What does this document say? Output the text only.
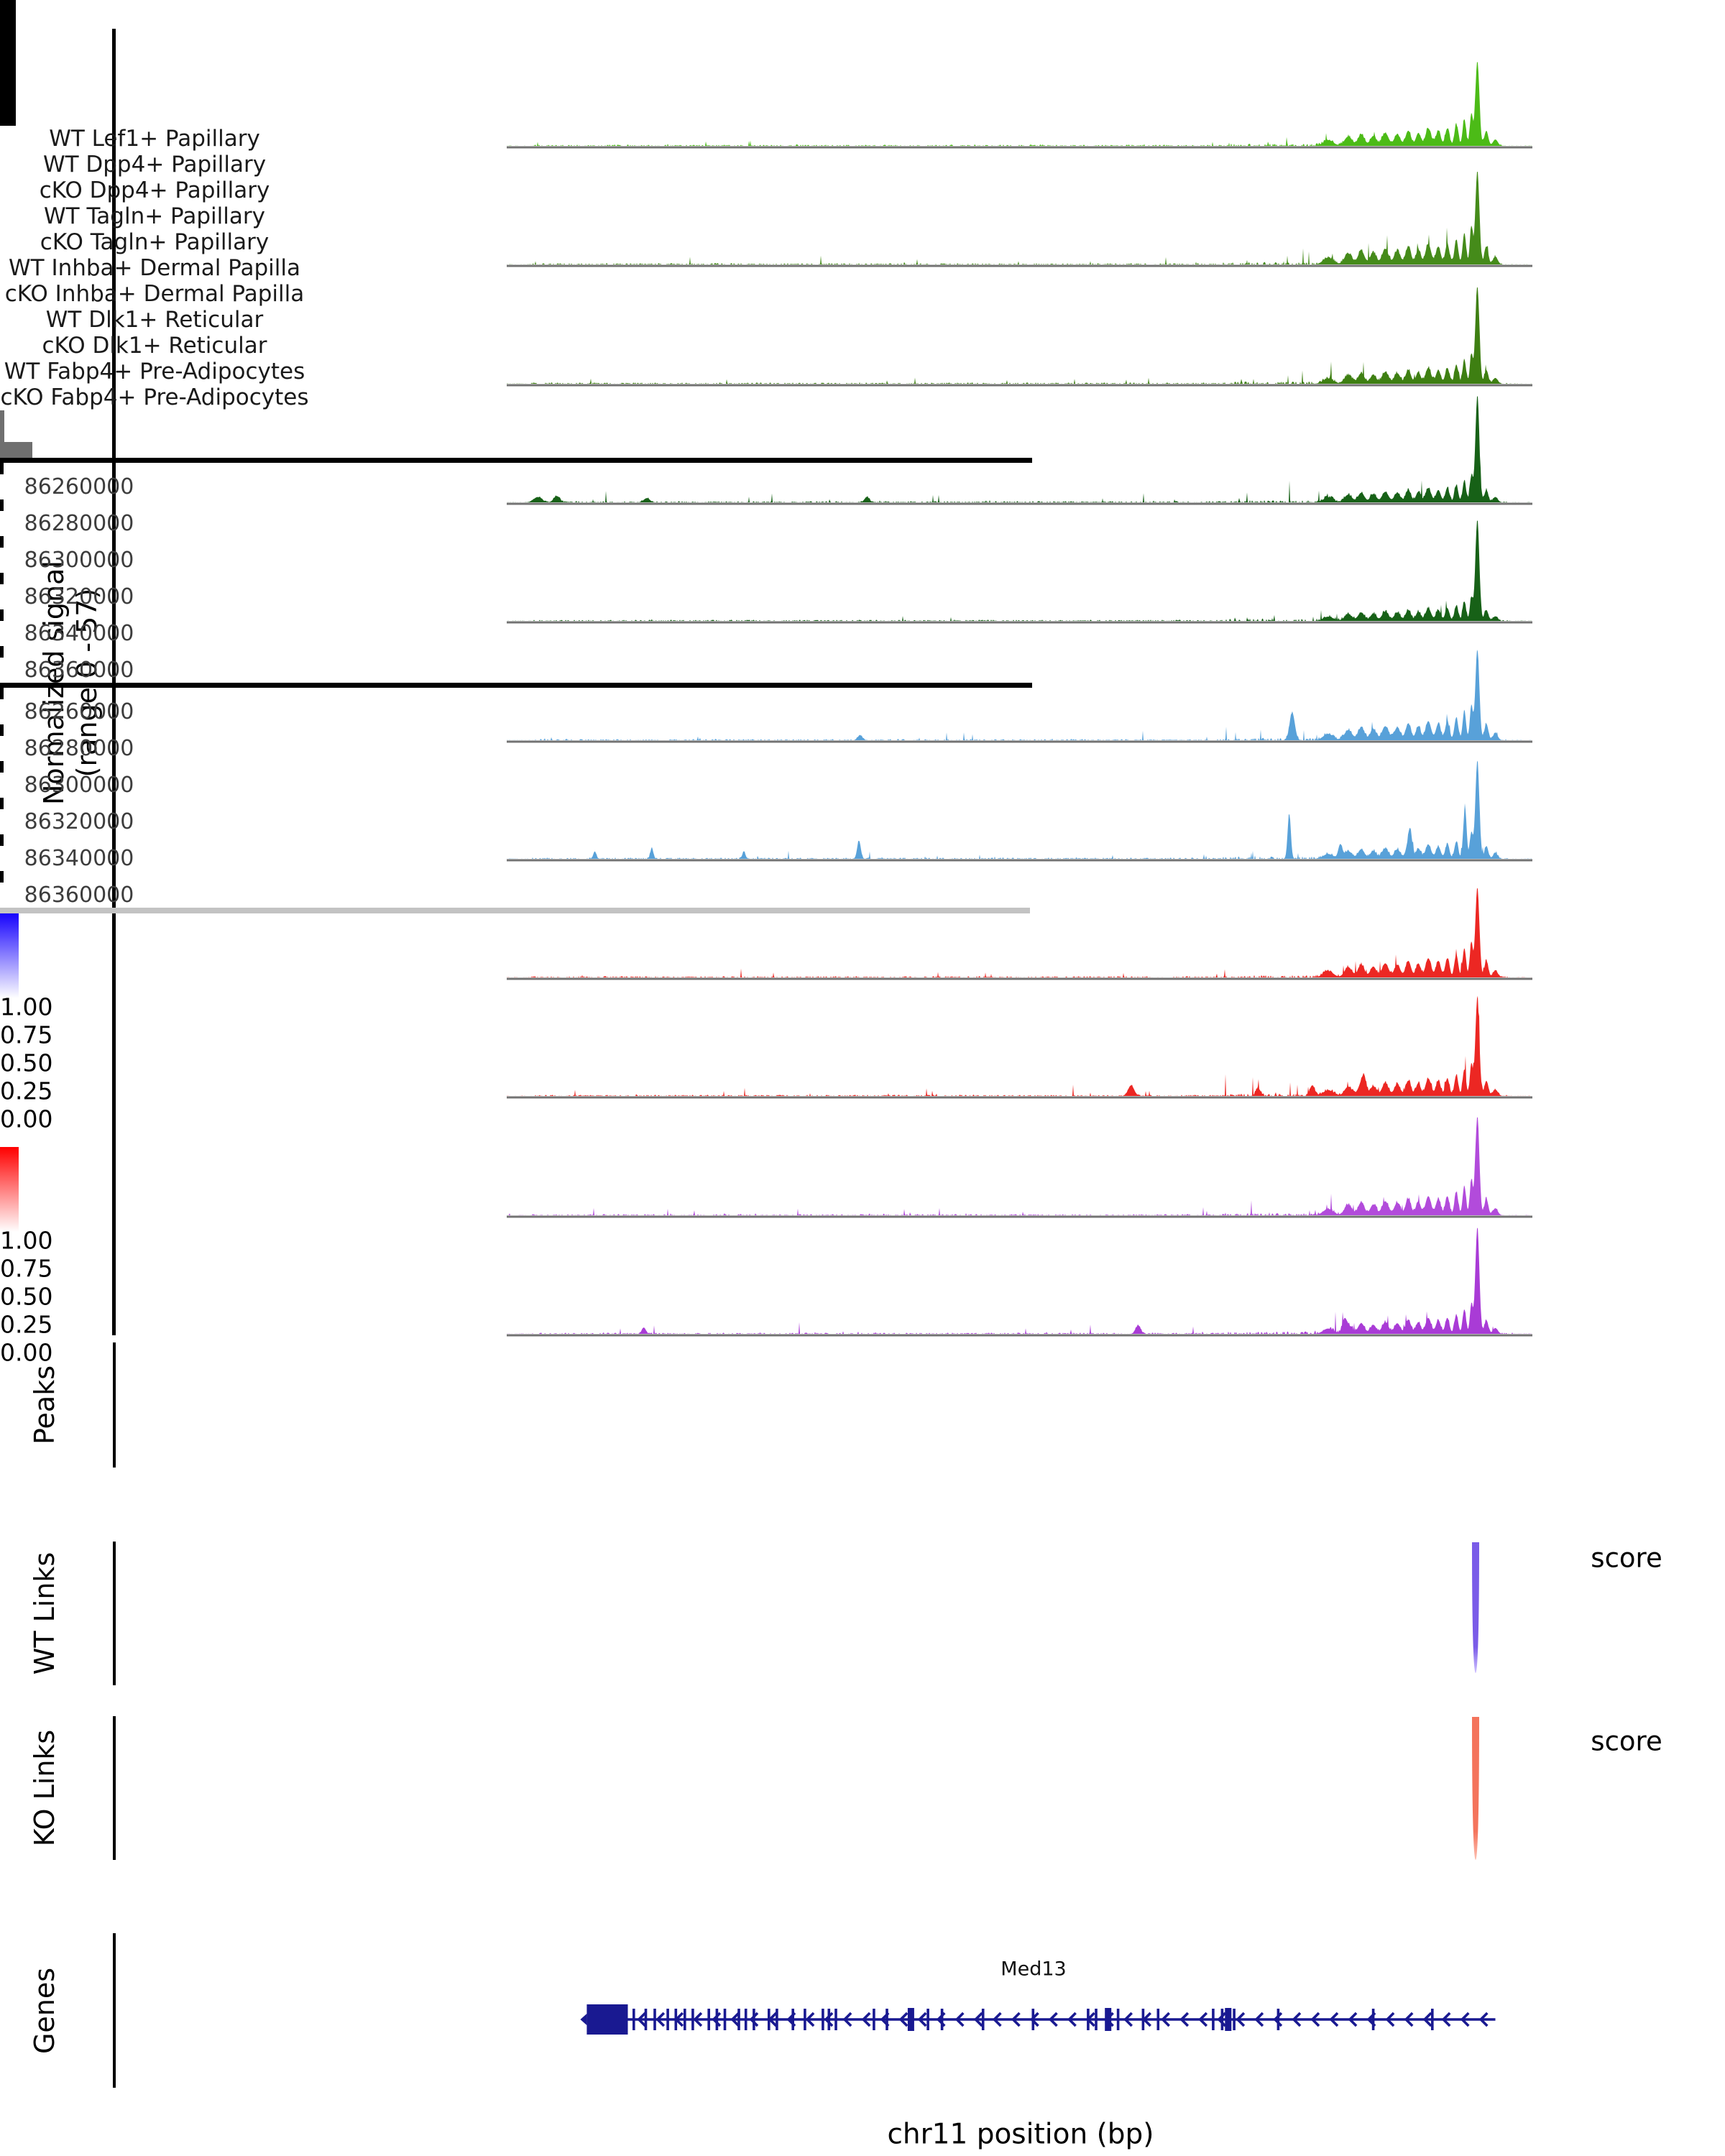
Peaks
WT Links
KO Links
Genes
score
score
Med13
chr11 position (bp)
WT Lef1+ Papillary
WT Dpp4+ Papillary
cKO Dpp4+ Papillary
WT Tagln+ Papillary
cKO Tagln+ Papillary
WT Inhba+ Dermal Papilla
cKO Inhba+ Dermal Papilla
WT Dlk1+ Reticular
cKO Dlk1+ Reticular
WT Fabp4+ Pre-Adipocytes
cKO Fabp4+ Pre-Adipocytes
86260000
86280000
86300000
86320000
86340000
86360000
86260000
86280000
86300000
86320000
86340000
86360000
1.00
0.75
0.50
0.25
0.00
1.00
0.75
0.50
0.25
0.00
